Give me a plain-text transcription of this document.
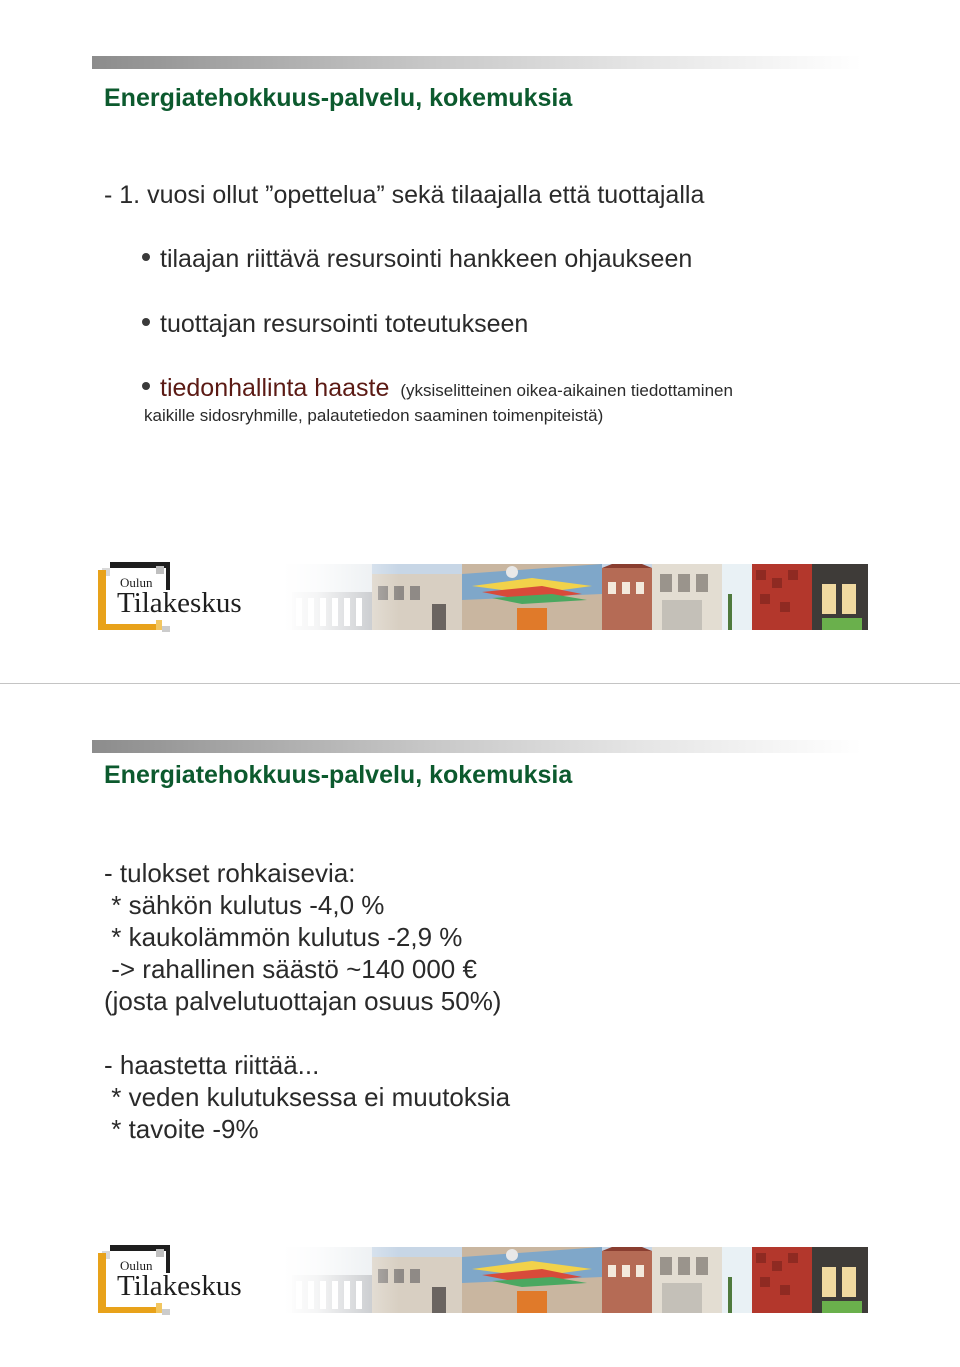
Energiatehokkuus-palvelu, kokemuksia
- 1. vuosi ollut ”opettelua” sekä tilaajalla että tuottajalla
tilaajan riittävä resursointi hankkeen ohjaukseen
tuottajan resursointi toteutukseen
tiedonhallinta haaste (yksiselitteinen oikea-aikainen tiedottaminen
kaikille sidosryhmille, palautetiedon saaminen toimenpiteistä)
Oulun
Tilakeskus
Energiatehokkuus-palvelu, kokemuksia
- tulokset rohkaisevia:
* sähkön kulutus -4,0 %
* kaukolämmön kulutus -2,9 %
-> rahallinen säästö ~140 000 €
(josta palvelutuottajan osuus 50%)
- haastetta riittää...
* veden kulutuksessa ei muutoksia
* tavoite -9%
Oulun
Tilakeskus
